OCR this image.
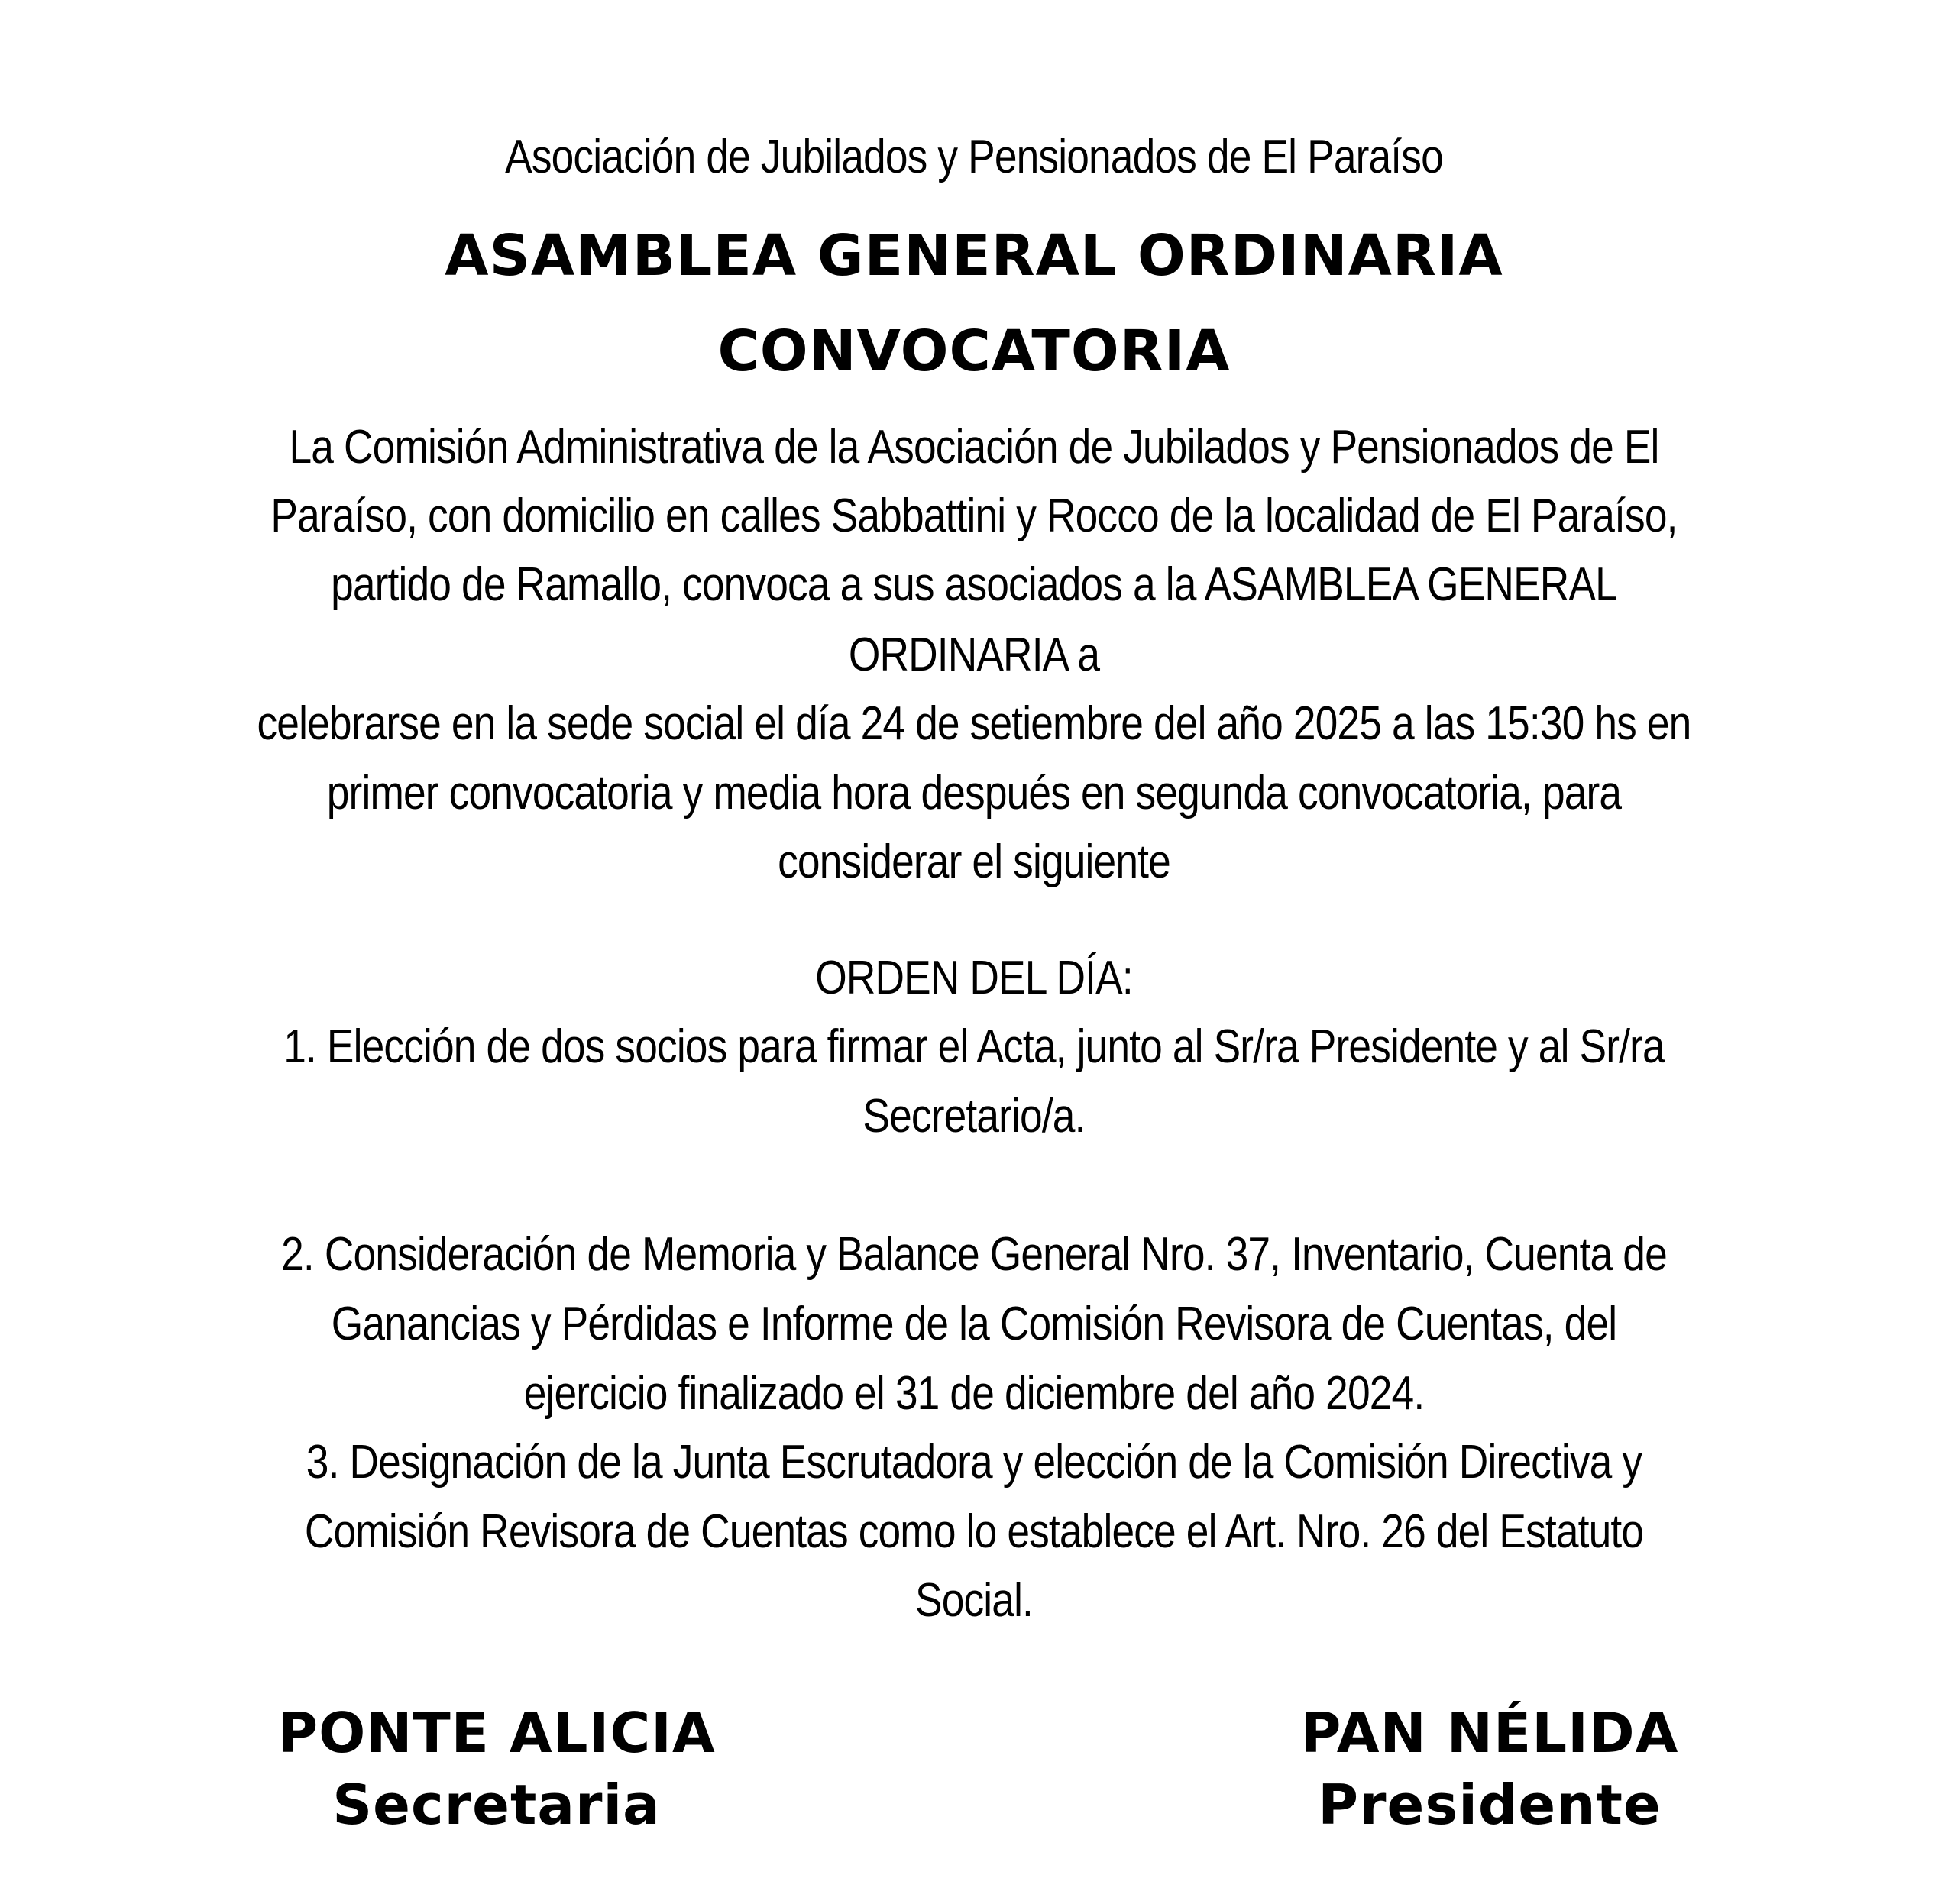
Asociación de Jubilados y Pensionados de El Paraíso
ASAMBLEA GENERAL ORDINARIA
CONVOCATORIA
La Comisión Administrativa de la Asociación de Jubilados y Pensionados de El
Paraíso, con domicilio en calles Sabbattini y Rocco de la localidad de El Paraíso,
partido de Ramallo, convoca a sus asociados a la ASAMBLEA GENERAL
ORDINARIA a
celebrarse en la sede social el día 24 de setiembre del año 2025 a las 15:30 hs en
primer convocatoria y media hora después en segunda convocatoria, para
considerar el siguiente
ORDEN DEL DÍA:
1. Elección de dos socios para firmar el Acta, junto al Sr/ra Presidente y al Sr/ra
Secretario/a.
2. Consideración de Memoria y Balance General Nro. 37, Inventario, Cuenta de
Ganancias y Pérdidas e Informe de la Comisión Revisora de Cuentas, del
ejercicio finalizado el 31 de diciembre del año 2024.
3. Designación de la Junta Escrutadora y elección de la Comisión Directiva y
Comisión Revisora de Cuentas como lo establece el Art. Nro. 26 del Estatuto
Social.
PONTE ALICIA
Secretaria
PAN NÉLIDA
Presidente
